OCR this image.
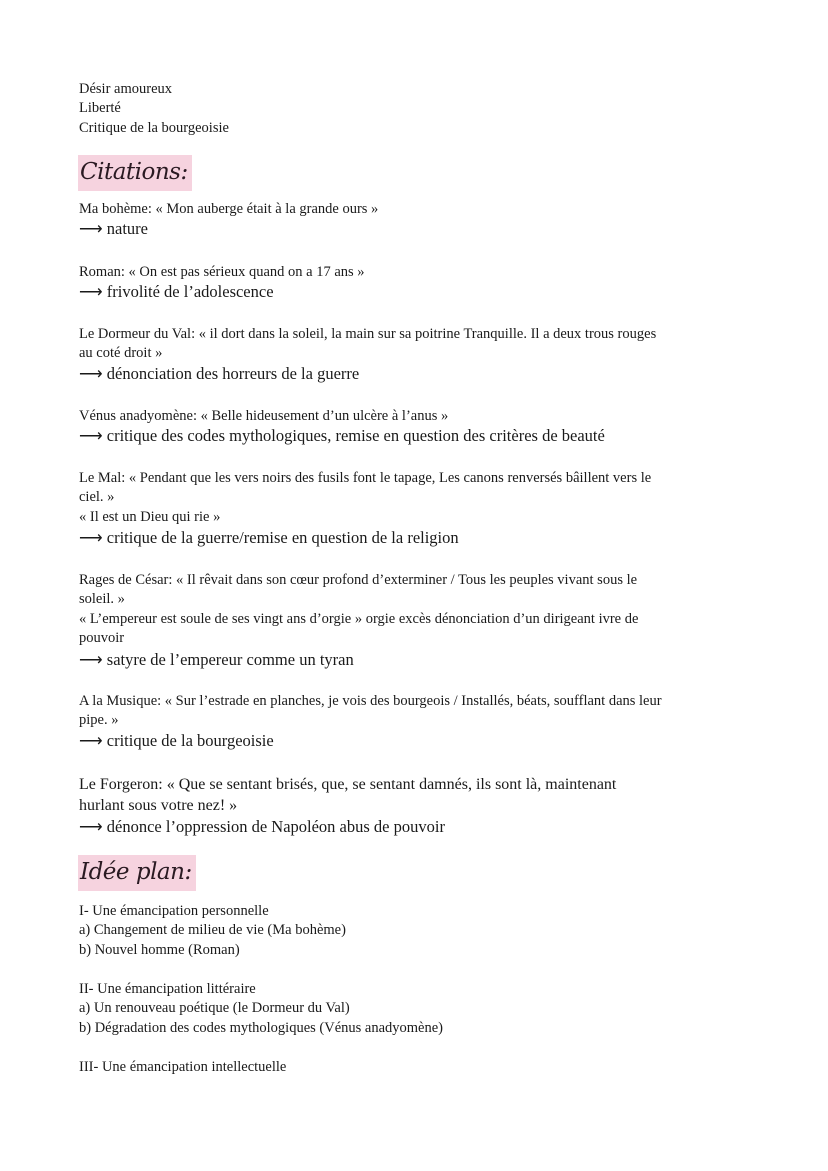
Désir amoureux
Liberté
Critique de la bourgeoisie
Citations:
Ma bohème: « Mon auberge était à la grande ours »
⟶ nature
Roman: « On est pas sérieux quand on a 17 ans »
⟶ frivolité de l’adolescence
Le Dormeur du Val: « il dort dans la soleil, la main sur sa poitrine Tranquille. Il a deux trous rouges
au coté droit »
⟶ dénonciation des horreurs de la guerre
Vénus anadyomène: « Belle hideusement d’un ulcère à l’anus »
⟶ critique des codes mythologiques, remise en question des critères de beauté
Le Mal: « Pendant que les vers noirs des fusils font le tapage, Les canons renversés bâillent vers le
ciel. »
« Il est un Dieu qui rie »
⟶ critique de la guerre/remise en question de la religion
Rages de César: « Il rêvait dans son cœur profond d’exterminer / Tous les peuples vivant sous le
soleil. »
« L’empereur est soule de ses vingt ans d’orgie » orgie excès dénonciation d’un dirigeant ivre de
pouvoir
⟶ satyre de l’empereur comme un tyran
A la Musique: « Sur l’estrade en planches, je vois des bourgeois / Installés, béats, soufflant dans leur
pipe. »
⟶ critique de la bourgeoisie
Le Forgeron: « Que se sentant brisés, que, se sentant damnés, ils sont là, maintenant
hurlant sous votre nez! »
⟶ dénonce l’oppression de Napoléon abus de pouvoir
Idée plan:
I- Une émancipation personnelle
a) Changement de milieu de vie (Ma bohème)
b) Nouvel homme (Roman)
II- Une émancipation littéraire
a) Un renouveau poétique (le Dormeur du Val)
b) Dégradation des codes mythologiques (Vénus anadyomène)
III- Une émancipation intellectuelle
